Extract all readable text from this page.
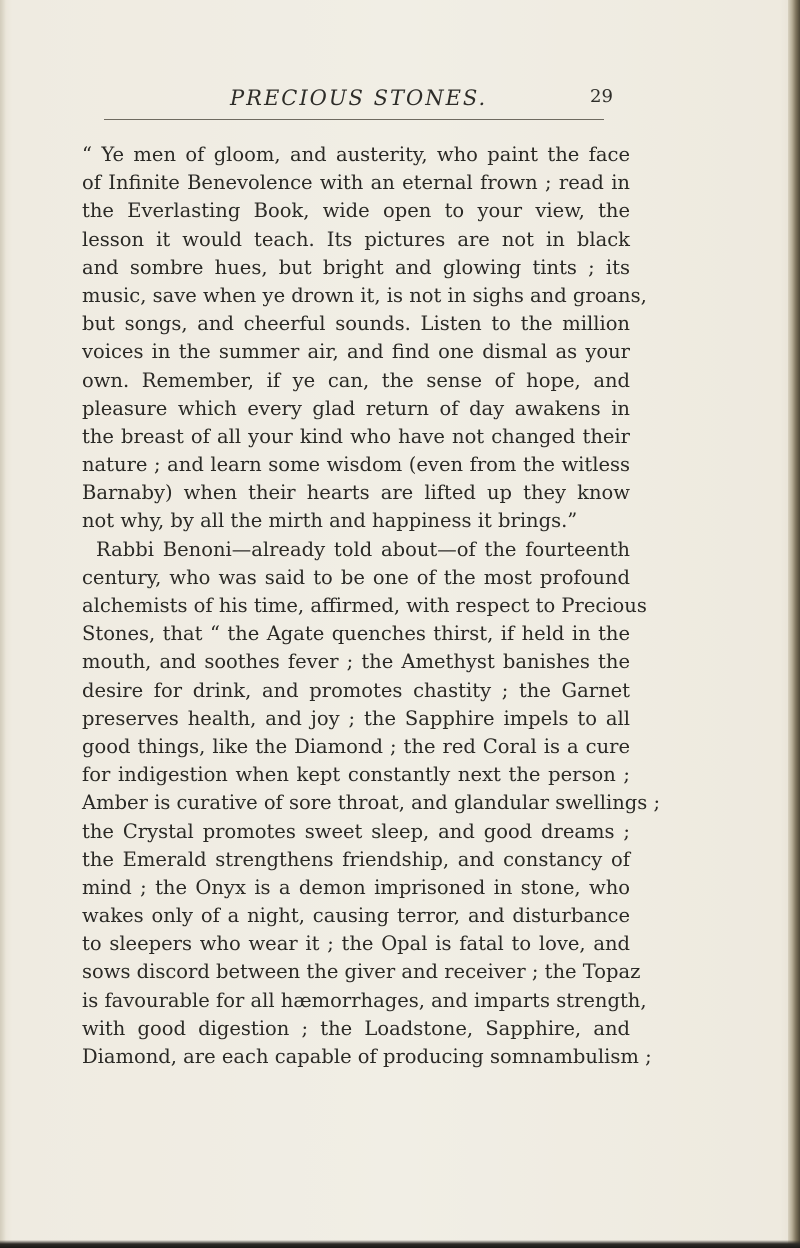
PRECIOUS STONES.	29
“ Ye men of gloom, and austerity, who paint the face
of Infinite Benevolence with an eternal frown ; read in
the Everlasting Book, wide open to your view, the
lesson it would teach. Its pictures are not in black
and sombre hues, but bright and glowing tints ; its
music, save when ye drown it, is not in sighs and groans,
but songs, and cheerful sounds. Listen to the million
voices in the summer air, and find one dismal as your
own. Remember, if ye can, the sense of hope, and
pleasure which every glad return of day awakens in
the breast of all your kind who have not changed their
nature ; and learn some wisdom (even from the witless
Barnaby) when their hearts are lifted up they know
not why, by all the mirth and happiness it brings.”
Rabbi Benoni—already told about—of the fourteenth
century, who was said to be one of the most profound
alchemists of his time, affirmed, with respect to Precious
Stones, that “ the Agate quenches thirst, if held in the
mouth, and soothes fever ; the Amethyst banishes the
desire for drink, and promotes chastity ; the Garnet
preserves health, and joy ; the Sapphire impels to all
good things, like the Diamond ; the red Coral is a cure
for indigestion when kept constantly next the person ;
Amber is curative of sore throat, and glandular swellings ;
the Crystal promotes sweet sleep, and good dreams ;
the Emerald strengthens friendship, and constancy of
mind ; the Onyx is a demon imprisoned in stone, who
wakes only of a night, causing terror, and disturbance
to sleepers who wear it ; the Opal is fatal to love, and
sows discord between the giver and receiver ; the Topaz
is favourable for all hæmorrhages, and imparts strength,
with good digestion ; the Loadstone, Sapphire, and
Diamond, are each capable of producing somnambulism ;
